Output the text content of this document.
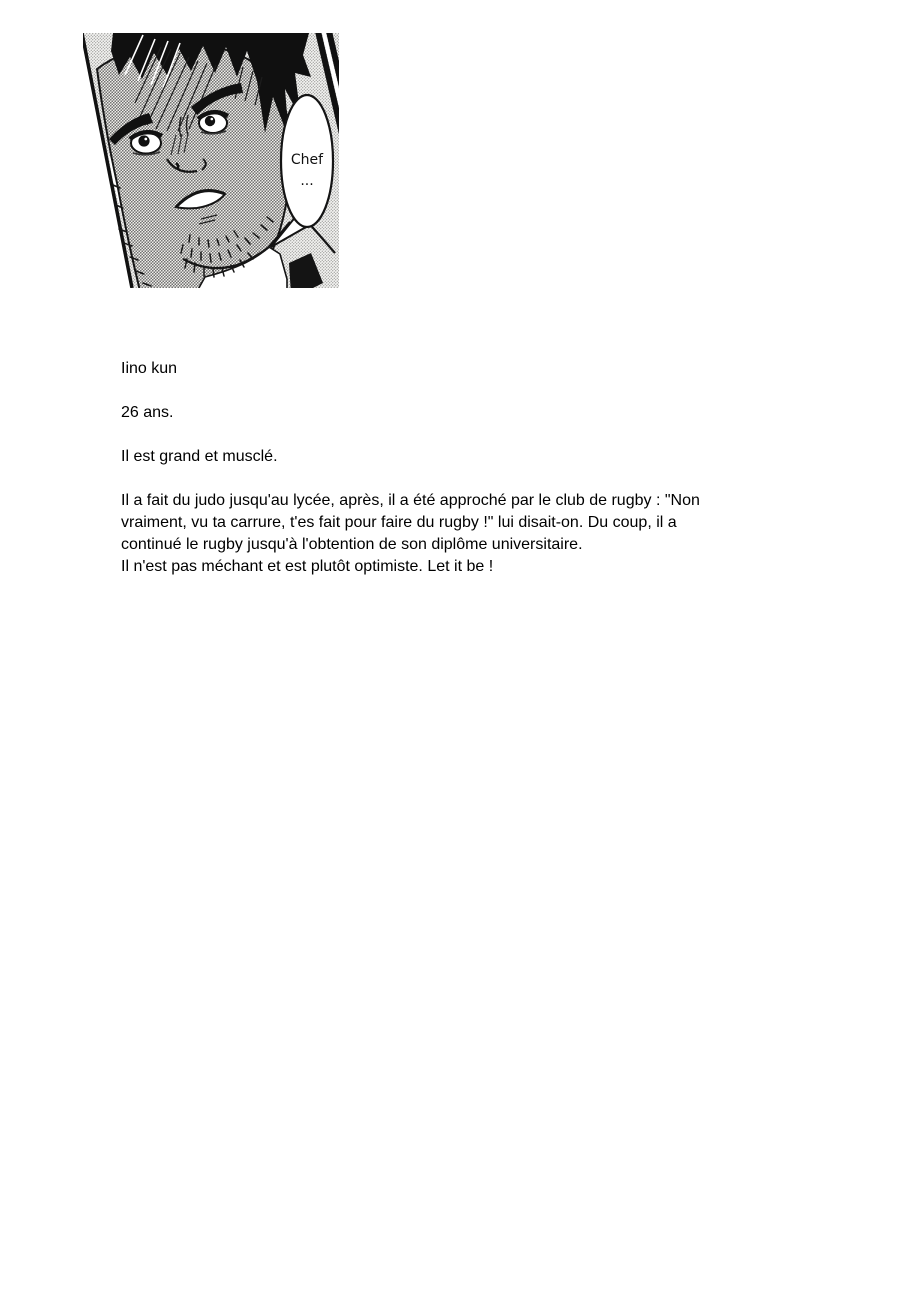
Chef
...

Iino kun

26 ans.

Il est grand et musclé.

Il a fait du judo jusqu'au lycée, après, il a été approché par le club de rugby : "Non
vraiment, vu ta carrure, t'es fait pour faire du rugby !" lui disait-on. Du coup, il a
continué le rugby jusqu'à l'obtention de son diplôme universitaire.
Il n'est pas méchant et est plutôt optimiste. Let it be !
